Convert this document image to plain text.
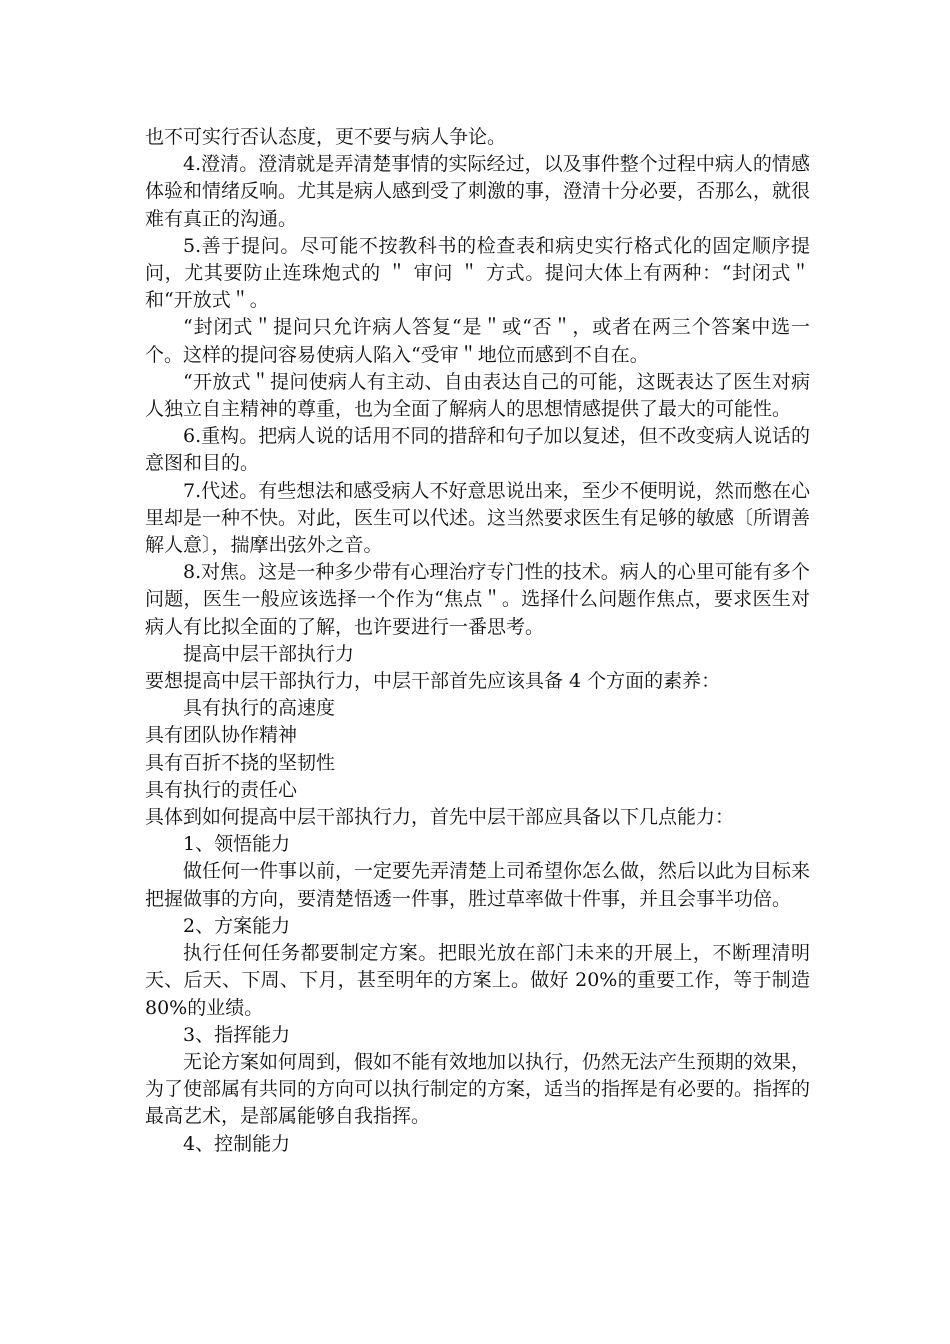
也不可实行否认态度，更不要与病人争论。

4.澄清。澄清就是弄清楚事情的实际经过，以及事件整个过程中病人的情感体验和情绪反响。尤其是病人感到受了刺激的事，澄清十分必要，否那么，就很难有真正的沟通。

5.善于提问。尽可能不按教科书的检查表和病史实行格式化的固定顺序提问，尤其要防止连珠炮式的 ＂ 审问 ＂ 方式。提问大体上有两种：“封闭式＂和“开放式＂。

“封闭式＂提问只允许病人答复“是＂或“否＂，或者在两三个答案中选一个。这样的提问容易使病人陷入“受审＂地位而感到不自在。

“开放式＂提问使病人有主动、自由表达自己的可能，这既表达了医生对病人独立自主精神的尊重，也为全面了解病人的思想情感提供了最大的可能性。

6.重构。把病人说的话用不同的措辞和句子加以复述，但不改变病人说话的意图和目的。

7.代述。有些想法和感受病人不好意思说出来，至少不便明说，然而憋在心里却是一种不快。对此，医生可以代述。这当然要求医生有足够的敏感〔所谓善解人意〕，揣摩出弦外之音。

8.对焦。这是一种多少带有心理治疗专门性的技术。病人的心里可能有多个问题，医生一般应该选择一个作为“焦点＂。选择什么问题作焦点，要求医生对病人有比拟全面的了解，也许要进行一番思考。

提高中层干部执行力

要想提高中层干部执行力，中层干部首先应该具备 4 个方面的素养：

具有执行的高速度

具有团队协作精神

具有百折不挠的坚韧性

具有执行的责任心

具体到如何提高中层干部执行力，首先中层干部应具备以下几点能力：

1、领悟能力

做任何一件事以前，一定要先弄清楚上司希望你怎么做，然后以此为目标来把握做事的方向，要清楚悟透一件事，胜过草率做十件事，并且会事半功倍。

2、方案能力

执行任何任务都要制定方案。把眼光放在部门未来的开展上，不断理清明天、后天、下周、下月，甚至明年的方案上。做好 20%的重要工作，等于制造 80%的业绩。

3、指挥能力

无论方案如何周到，假如不能有效地加以执行，仍然无法产生预期的效果，为了使部属有共同的方向可以执行制定的方案，适当的指挥是有必要的。指挥的最高艺术，是部属能够自我指挥。

4、控制能力
